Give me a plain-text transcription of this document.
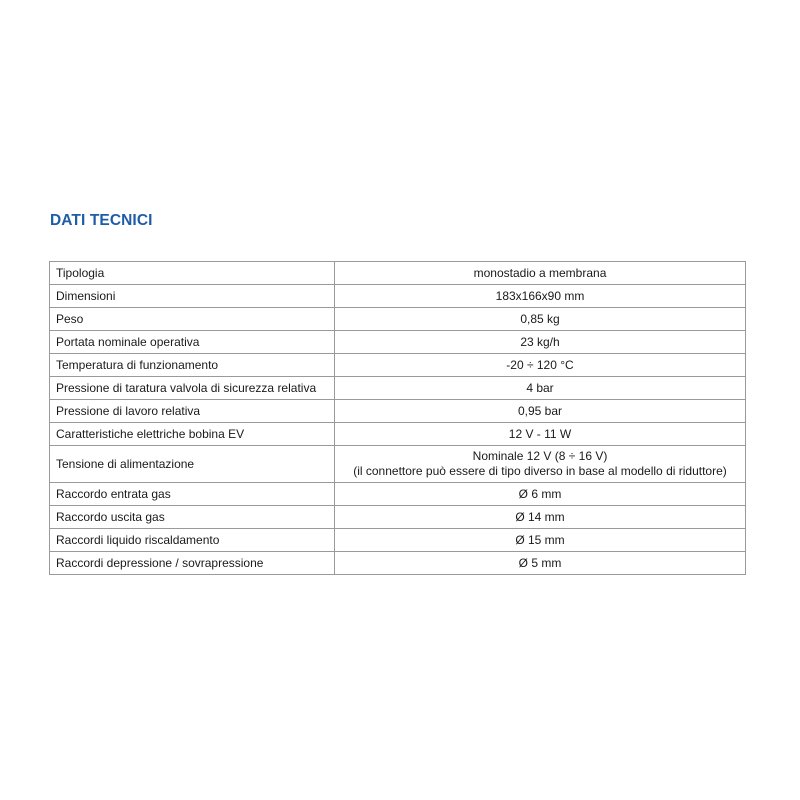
DATI TECNICI
Tipologia	monostadio a membrana
Dimensioni	183x166x90 mm
Peso	0,85 kg
Portata nominale operativa	23 kg/h
Temperatura di funzionamento	-20 ÷ 120 °C
Pressione di taratura valvola di sicurezza relativa	4 bar
Pressione di lavoro relativa	0,95 bar
Caratteristiche elettriche bobina EV	12 V - 11 W
Tensione di alimentazione	Nominale 12 V (8 ÷ 16 V)
(il connettore può essere di tipo diverso in base al modello di riduttore)

Raccordo entrata gas	Ø 6 mm
Raccordo uscita gas	Ø 14 mm
Raccordi liquido riscaldamento	Ø 15 mm
Raccordi depressione / sovrapressione	Ø 5 mm
